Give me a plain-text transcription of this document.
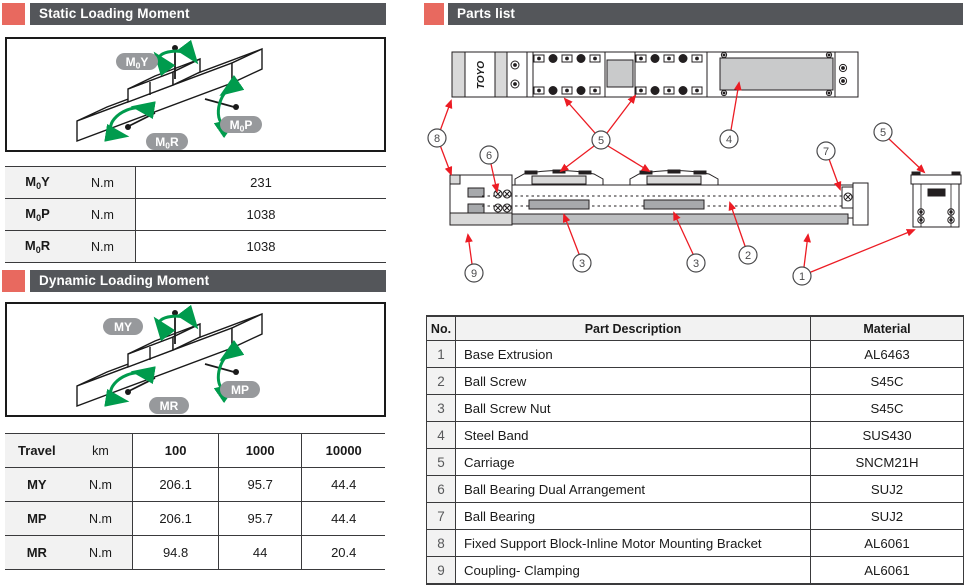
Static Loading Moment
$M_0Y$
$M_0P$
$M_0R$
$M_0Y$	N.m	231
$M_0P$	N.m	1038
$M_0R$	N.m	1038
Dynamic Loading Moment
MY
MP
MR
Travel	km	100	1000	10000
MY	N.m	206.1	95.7	44.4
MP	N.m	206.1	95.7	44.4
MR	N.m	94.8	44	20.4
Parts list
TOYO
8
6
5	4
7
5
9
3	3
2
1
No.	Part Description	Material
1	Base Extrusion	AL6463
2	Ball Screw	S45C
3	Ball Screw Nut	S45C
4	Steel Band	SUS430
5	Carriage	SNCM21H
6	Ball Bearing Dual Arrangement	SUJ2
7	Ball Bearing	SUJ2
8	Fixed Support Block-Inline Motor Mounting Bracket	AL6061
9	Coupling- Clamping	AL6061
